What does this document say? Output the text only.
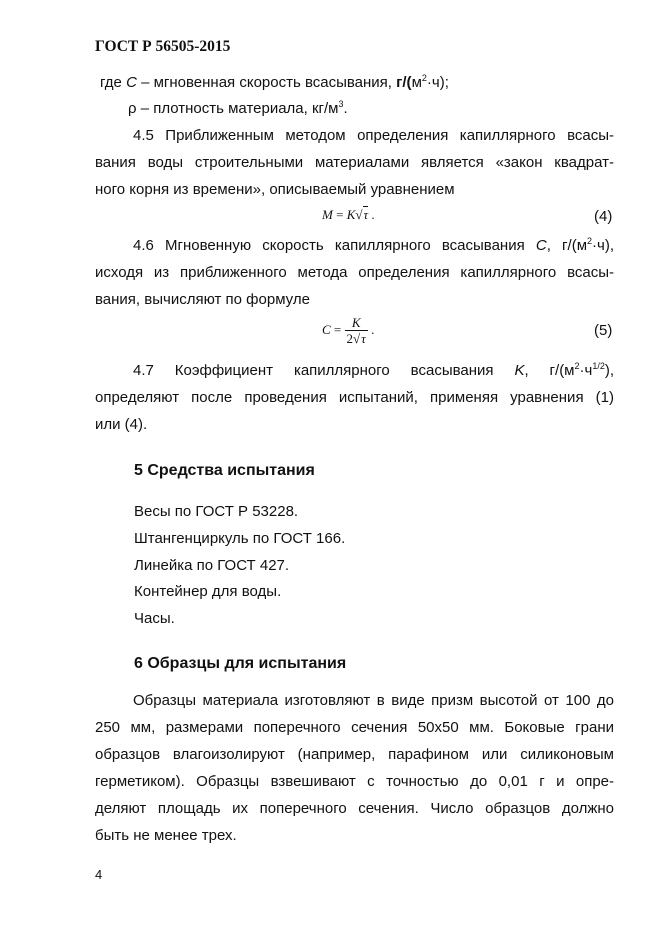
ГОСТ Р 56505-2015
где C – мгновенная скорость всасывания, $г/(м^2\cdot ч)$;
ρ – плотность материала, $кг/м^3$.
4.5 Приближенным методом определения капиллярного всасы-
вания воды строительными материалами является «закон квадрат-
ного корня из времени», описываемый уравнением
M = K√τ .	(4)
4.6 Мгновенную скорость капиллярного всасывания C, $г/(м^2\cdot ч)$,
исходя из приближенного метода определения капиллярного всасы-
вания, вычисляют по формуле
$C = \frac{K}{2√\tau}$ .	(5)
4.7 Коэффициент капиллярного всасывания K, $г/(м^2\cdot ч^{1/2})$,
определяют после проведения испытаний, применяя уравнения (1)
или (4).
5 Средства испытания
Весы по ГОСТ Р 53228.
Штангенциркуль по ГОСТ 166.
Линейка по ГОСТ 427.
Контейнер для воды.
Часы.
6 Образцы для испытания
Образцы материала изготовляют в виде призм высотой от 100 до
250 мм, размерами поперечного сечения 50х50 мм. Боковые грани
образцов влагоизолируют (например, парафином или силиконовым
герметиком). Образцы взвешивают с точностью до 0,01 г и опре-
деляют площадь их поперечного сечения. Число образцов должно
быть не менее трех.
4
